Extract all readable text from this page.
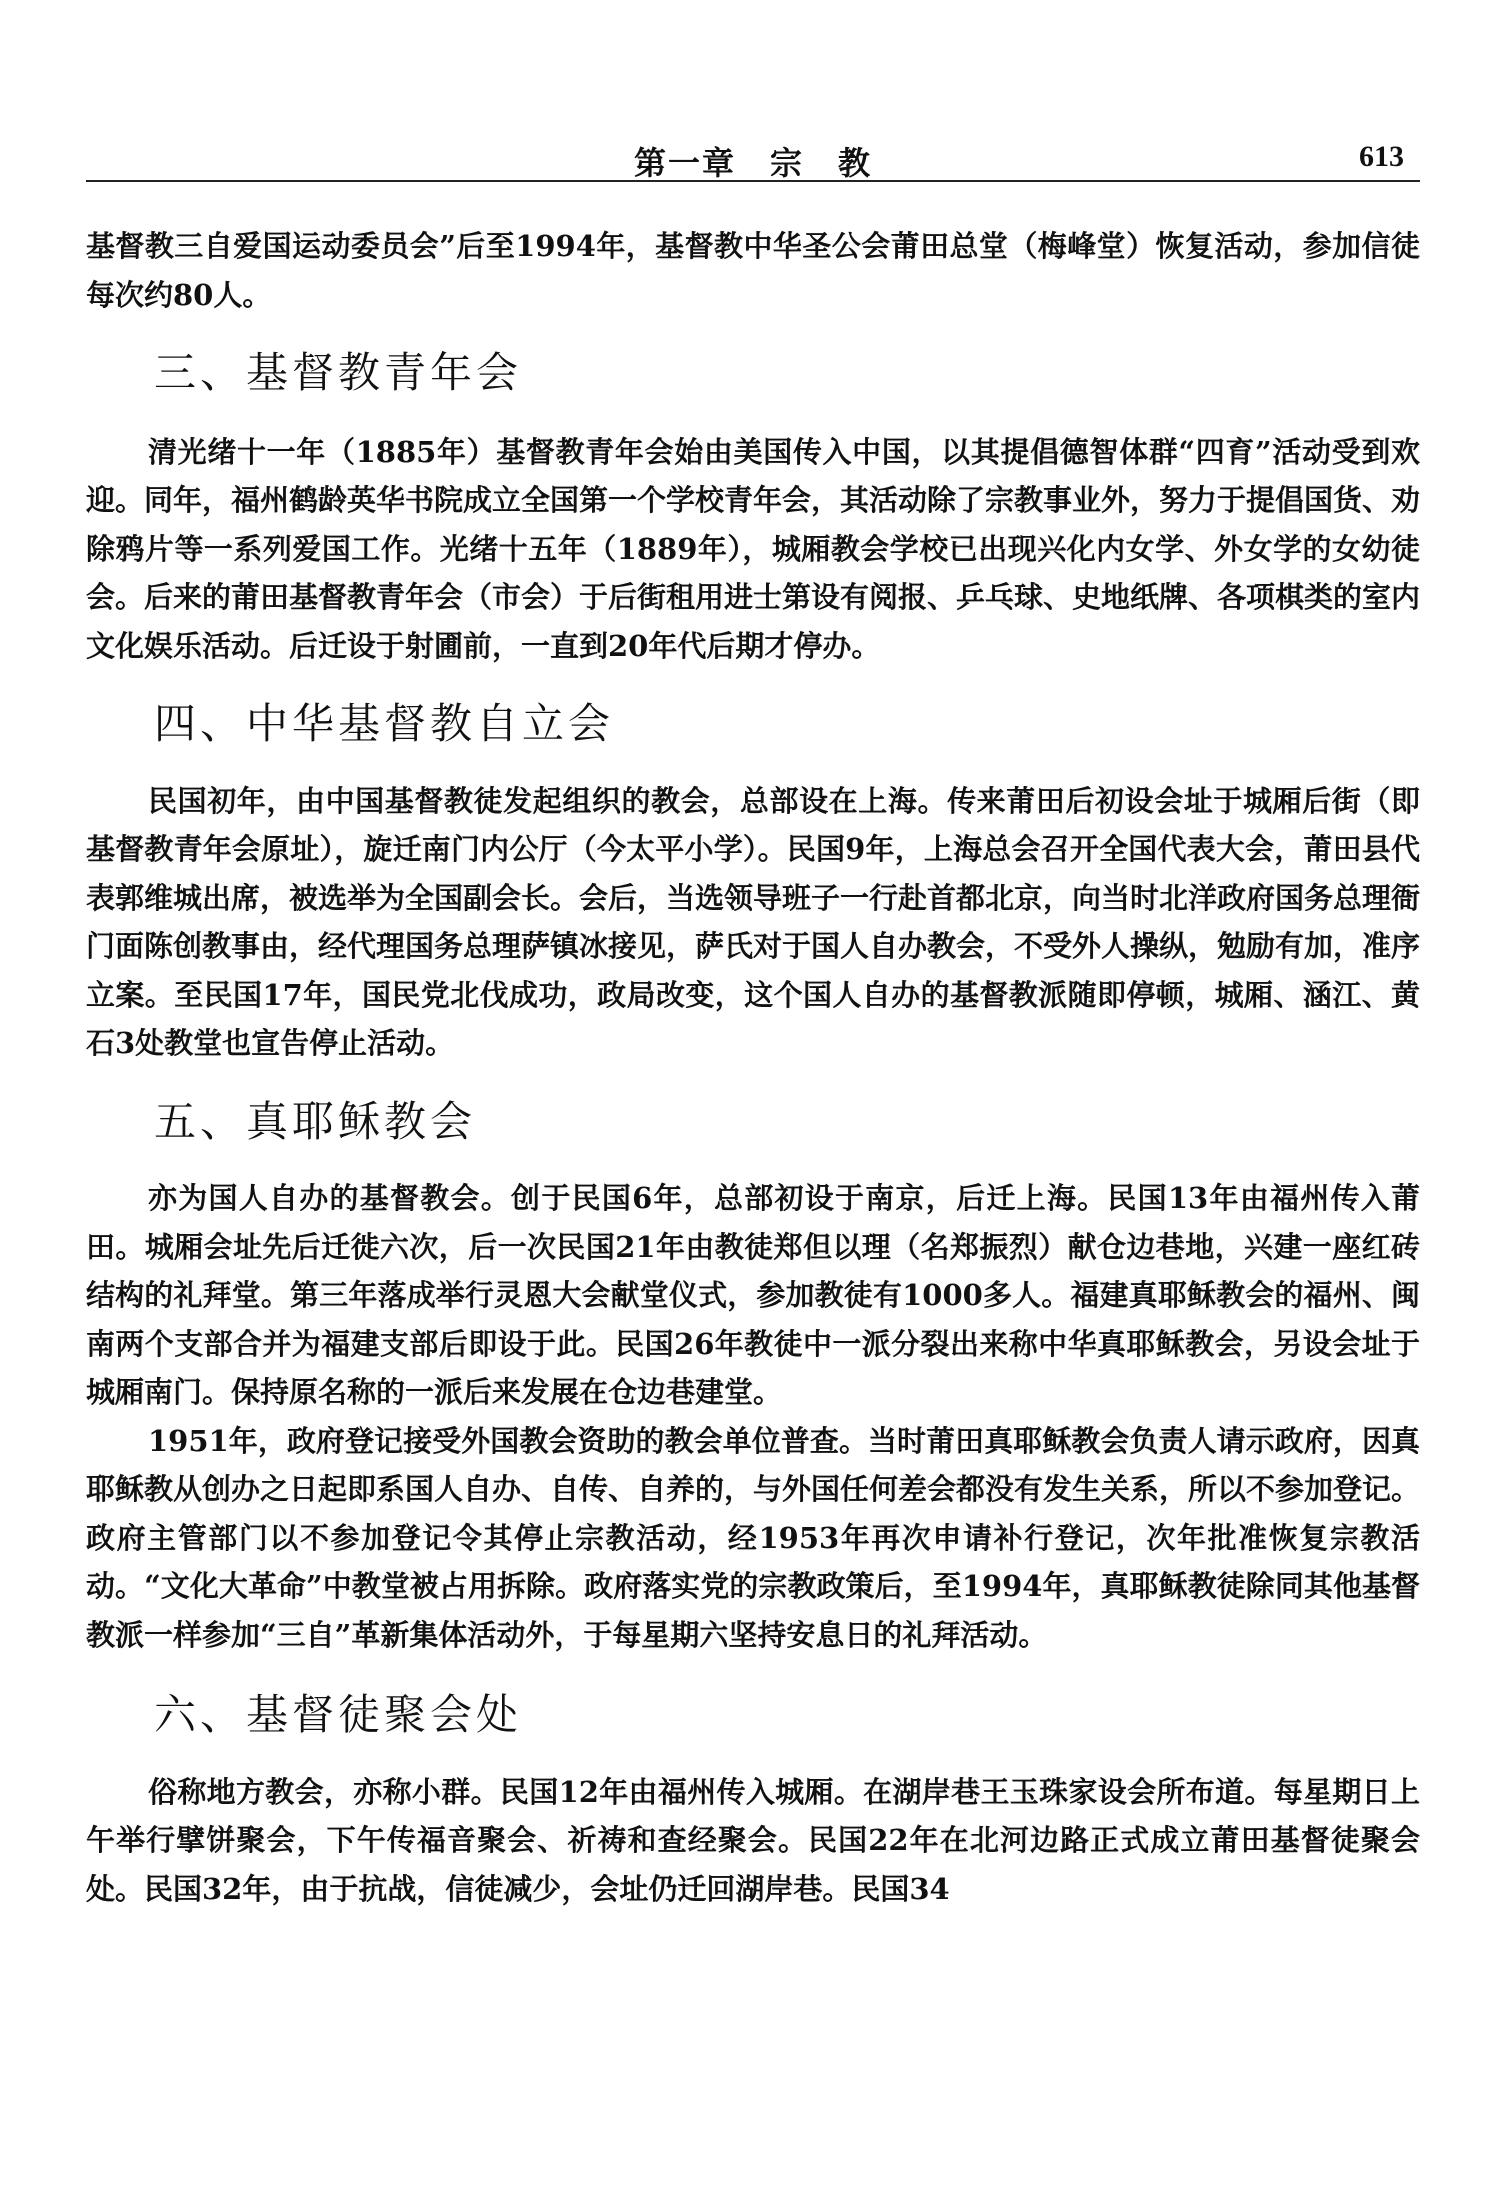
第一章　宗　教	613

基督教三自爱国运动委员会”后至1994年，基督教中华圣公会莆田总堂（梅峰堂）恢复活动，参加信徒每次约80人。

三、基督教青年会

清光绪十一年（1885年）基督教青年会始由美国传入中国，以其提倡德智体群“四育”活动受到欢迎。同年，福州鹤龄英华书院成立全国第一个学校青年会，其活动除了宗教事业外，努力于提倡国货、劝除鸦片等一系列爱国工作。光绪十五年（1889年），城厢教会学校已出现兴化内女学、外女学的女幼徒会。后来的莆田基督教青年会（市会）于后街租用进士第设有阅报、乒乓球、史地纸牌、各项棋类的室内文化娱乐活动。后迁设于射圃前，一直到20年代后期才停办。

四、中华基督教自立会

民国初年，由中国基督教徒发起组织的教会，总部设在上海。传来莆田后初设会址于城厢后街（即基督教青年会原址），旋迁南门内公厅（今太平小学）。民国9年，上海总会召开全国代表大会，莆田县代表郭维城出席，被选举为全国副会长。会后，当选领导班子一行赴首都北京，向当时北洋政府国务总理衙门面陈创教事由，经代理国务总理萨镇冰接见，萨氏对于国人自办教会，不受外人操纵，勉励有加，准序立案。至民国17年，国民党北伐成功，政局改变，这个国人自办的基督教派随即停顿，城厢、涵江、黄石3处教堂也宣告停止活动。

五、真耶稣教会

亦为国人自办的基督教会。创于民国6年，总部初设于南京，后迁上海。民国13年由福州传入莆田。城厢会址先后迁徙六次，后一次民国21年由教徒郑但以理（名郑振烈）献仓边巷地，兴建一座红砖结构的礼拜堂。第三年落成举行灵恩大会献堂仪式，参加教徒有1000多人。福建真耶稣教会的福州、闽南两个支部合并为福建支部后即设于此。民国26年教徒中一派分裂出来称中华真耶稣教会，另设会址于城厢南门。保持原名称的一派后来发展在仓边巷建堂。

1951年，政府登记接受外国教会资助的教会单位普查。当时莆田真耶稣教会负责人请示政府，因真耶稣教从创办之日起即系国人自办、自传、自养的，与外国任何差会都没有发生关系，所以不参加登记。政府主管部门以不参加登记令其停止宗教活动，经1953年再次申请补行登记，次年批准恢复宗教活动。“文化大革命”中教堂被占用拆除。政府落实党的宗教政策后，至1994年，真耶稣教徒除同其他基督教派一样参加“三自”革新集体活动外，于每星期六坚持安息日的礼拜活动。

六、基督徒聚会处

俗称地方教会，亦称小群。民国12年由福州传入城厢。在湖岸巷王玉珠家设会所布道。每星期日上午举行擘饼聚会，下午传福音聚会、祈祷和查经聚会。民国22年在北河边路正式成立莆田基督徒聚会处。民国32年，由于抗战，信徒减少，会址仍迁回湖岸巷。民国34
